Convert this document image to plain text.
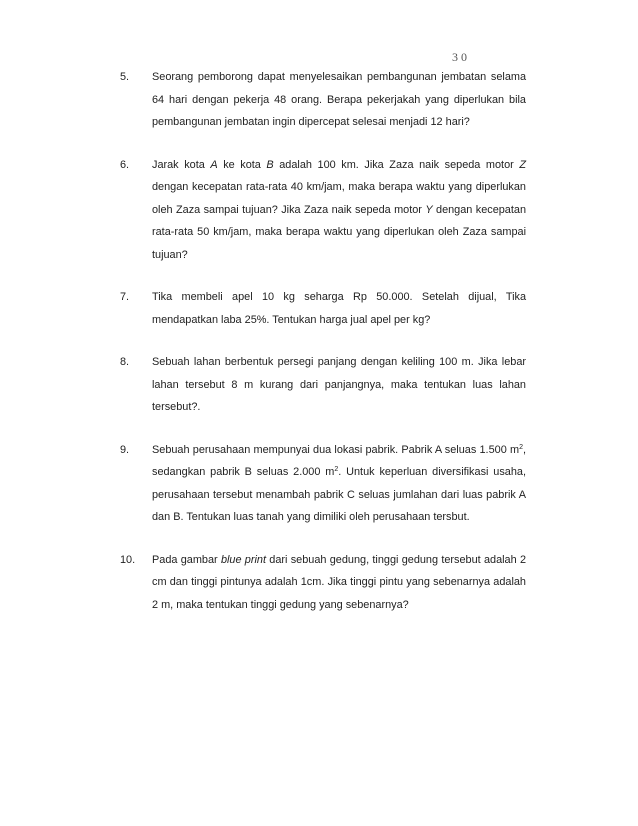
30
5.	Seorang pemborong dapat menyelesaikan pembangunan jembatan selama 64 hari dengan pekerja 48 orang. Berapa pekerjakah yang diperlukan bila pembangunan jembatan ingin dipercepat selesai menjadi 12 hari?
6.	Jarak kota A ke kota B adalah 100 km. Jika Zaza naik sepeda motor Z dengan kecepatan rata-rata 40 km/jam, maka berapa waktu yang diperlukan oleh Zaza sampai tujuan? Jika Zaza naik sepeda motor Y dengan kecepatan rata-rata 50 km/jam, maka berapa waktu yang diperlukan oleh Zaza sampai tujuan?
7.	Tika membeli apel 10 kg seharga Rp 50.000. Setelah dijual, Tika mendapatkan laba 25%. Tentukan harga jual apel per kg?
8.	Sebuah lahan berbentuk persegi panjang dengan keliling 100 m. Jika lebar lahan tersebut 8 m kurang dari panjangnya, maka tentukan luas lahan tersebut?.
9.	Sebuah perusahaan mempunyai dua lokasi pabrik. Pabrik A seluas 1.500 $m^2$, sedangkan pabrik B seluas 2.000 $m^2$. Untuk keperluan diversifikasi usaha, perusahaan tersebut menambah pabrik C seluas jumlahan dari luas pabrik A dan B. Tentukan luas tanah yang dimiliki oleh perusahaan tersbut.
10.	Pada gambar blue print dari sebuah gedung, tinggi gedung tersebut adalah 2 cm dan tinggi pintunya adalah 1cm. Jika tinggi pintu yang sebenarnya adalah 2 m, maka tentukan tinggi gedung yang sebenarnya?
